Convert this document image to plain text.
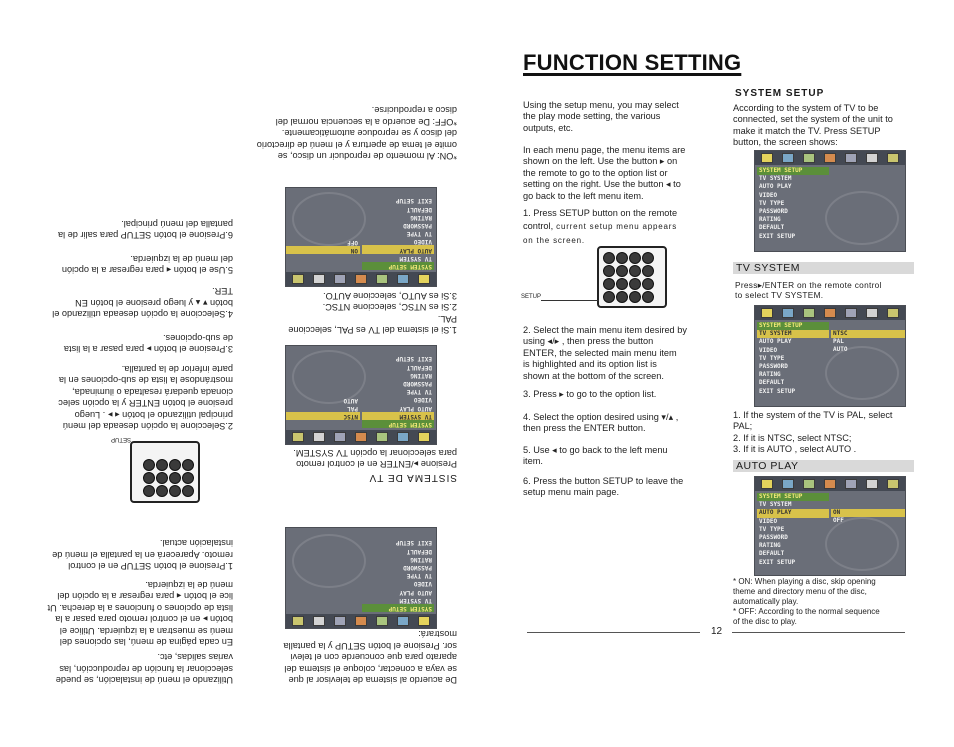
FUNCTION SETTING
Using the setup menu, you may select
the play mode setting, the various
outputs, etc.
In each menu page, the menu items are
shown on the left. Use the button ▸ on
the remote to go to the option list or
setting on the right. Use the button ◂ to
go back to the left menu item.
1. Press SETUP button on the remote
control, current setup menu appears
on the screen.
SETUP
2. Select the main menu item desired by
using ◂/▸ , then press the button
ENTER, the selected main menu item
is highlighted and its option list is
shown at the bottom of the screen.
3. Press ▸ to go to the option list.
4. Select the option desired using ▾/▴ ,
then press the ENTER button.
5. Use ◂ to go back to the left menu
item.
6. Press the button SETUP to leave the
setup menu main page.
SYSTEM SETUP
According to the system of TV to be
connected, set the system of the unit to
make it match the TV. Press SETUP
button, the screen shows:
SYSTEM SETUP
TV SYSTEM
AUTO PLAY
VIDEO
TV TYPE
PASSWORD
RATING
DEFAULT
EXIT SETUP
TV SYSTEM
Press▸/ENTER on the remote control
to select TV SYSTEM.
SYSTEM SETUP
TV SYSTEM
AUTO PLAY
VIDEO
TV TYPE
PASSWORD
RATING
DEFAULT
EXIT SETUP
NTSC
PAL
AUTO
1. If the system of the TV is PAL, select
PAL;
2. If it is NTSC, select NTSC;
3. If it is AUTO , select AUTO .
AUTO PLAY
SYSTEM SETUP
TV SYSTEM
AUTO PLAY
VIDEO
TV TYPE
PASSWORD
RATING
DEFAULT
EXIT SETUP
ON
OFF
* ON: When playing a disc, skip opening
theme and directory menu of the disc,
automatically play.
* OFF: According to the normal sequence
of the disc to play.
12
Utilizando el menú de instalación, se puede
seleccionar la función de reproducción, las
varias salidas, etc.
En cada página de menú, las opciones del
menú se muestran a la izquierda. Utilice el
botón ▸ en el control remoto para pasar a la
lista de opciones o funciones a la derecha. Ut
lice el botón ◂ para regresar a la opción del
menú de la izquierda.
1.Presione el botón SETUP en el control
remoto. Aparecerá en la pantalla el menú de
instalación actual.
SETUP
2.Seleccione la opción deseada del menú
principal utilizando el botón ◂ ▸ . Luego
presione el botón ENTER y la opción selec
cionada quedará resaltada o iluminada,
mostrándose la lista de sub-opciones en la
parte inferior de la pantalla.
3.Presione el botón ▸ para pasar a la lista
de sub-opciones.
4.Seleccione la opción deseada utilizando el
botón ▾ ▴ y luego presione el botón EN
TER.
5.Use el botón ◂ para regresar a la opción
del menú de la izquierda.
6.Presione el botón SETUP para salir de la
pantalla del menú principal.
De acuerdo al sistema de televisor al que
se vaya a conectar, coloque el sistema del
aparato para que concuerde con el televi
sor. Presione el botón SETUP y la pantalla
mostrará:
SYSTEM SETUP
TV SYSTEM
AUTO PLAY
VIDEO
TV TYPE
PASSWORD
RATING
DEFAULT
EXIT SETUP
SISTEMA DE TV
Presione ▸/ENTER en el control remoto
para seleccionar la opción TV SYSTEM.
SYSTEM SETUP
TV SYSTEM
AUTO PLAY
VIDEO
TV TYPE
PASSWORD
RATING
DEFAULT
EXIT SETUP
NTSC
PAL
AUTO
1.Si el sistema del TV es PAL, seleccione
PAL.
2.Si es NTSC, seleccione NTSC.
3.Si es AUTO, seleccione AUTO.
SYSTEM SETUP
TV SYSTEM
AUTO PLAY
VIDEO
TV TYPE
PASSWORD
RATING
DEFAULT
EXIT SETUP
ON
OFF
*ON: Al momento de reproducir un disco, se
omite el tema de apertura y el menú de directorio
del disco y se reproduce automáticamente.
*OFF: De acuerdo a la secuencia normal del
disco a reproducirse.
